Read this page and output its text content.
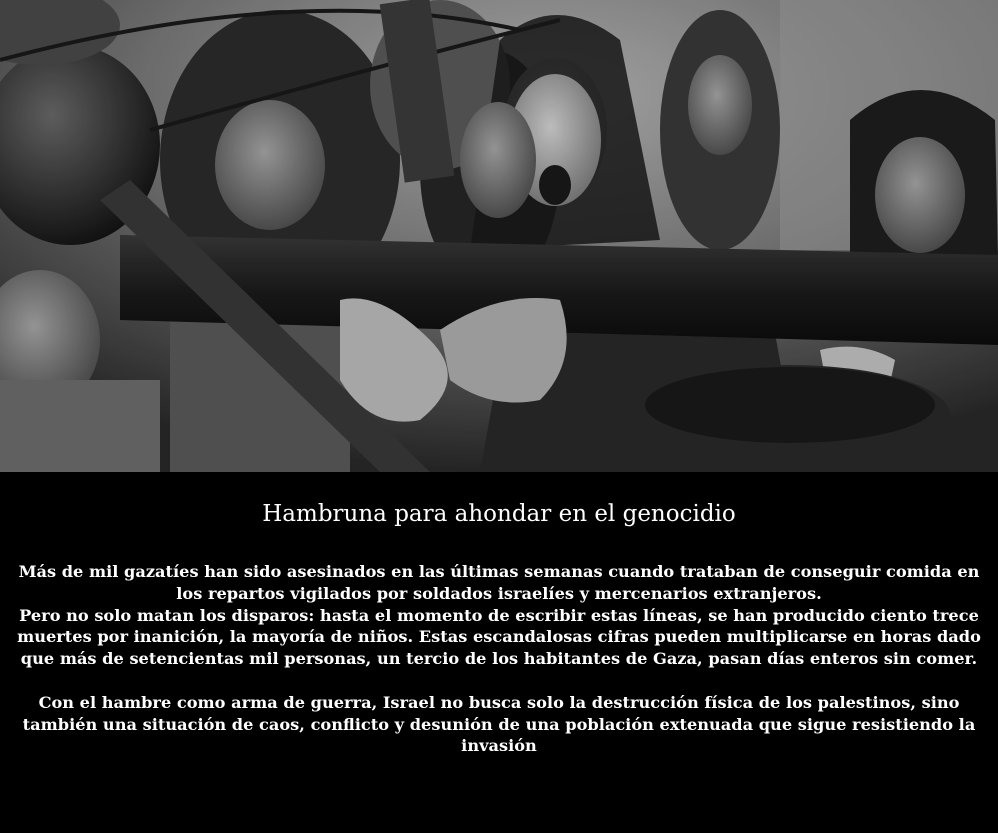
Hambruna para ahondar en el genocidio

Más de mil gazatíes han sido asesinados en las últimas semanas cuando trataban de conseguir comida en los repartos vigilados por soldados israelíes y mercenarios extranjeros.

Pero no solo matan los disparos: hasta el momento de escribir estas líneas, se han producido ciento trece muertes por inanición, la mayoría de niños. Estas escandalosas cifras pueden multiplicarse en horas dado que más de setencientas mil personas, un tercio de los habitantes de Gaza, pasan días enteros sin comer.

Con el hambre como arma de guerra, Israel no busca solo la destrucción física de los palestinos, sino también una situación de caos, conflicto y desunión de una población extenuada que sigue resistiendo la invasión
